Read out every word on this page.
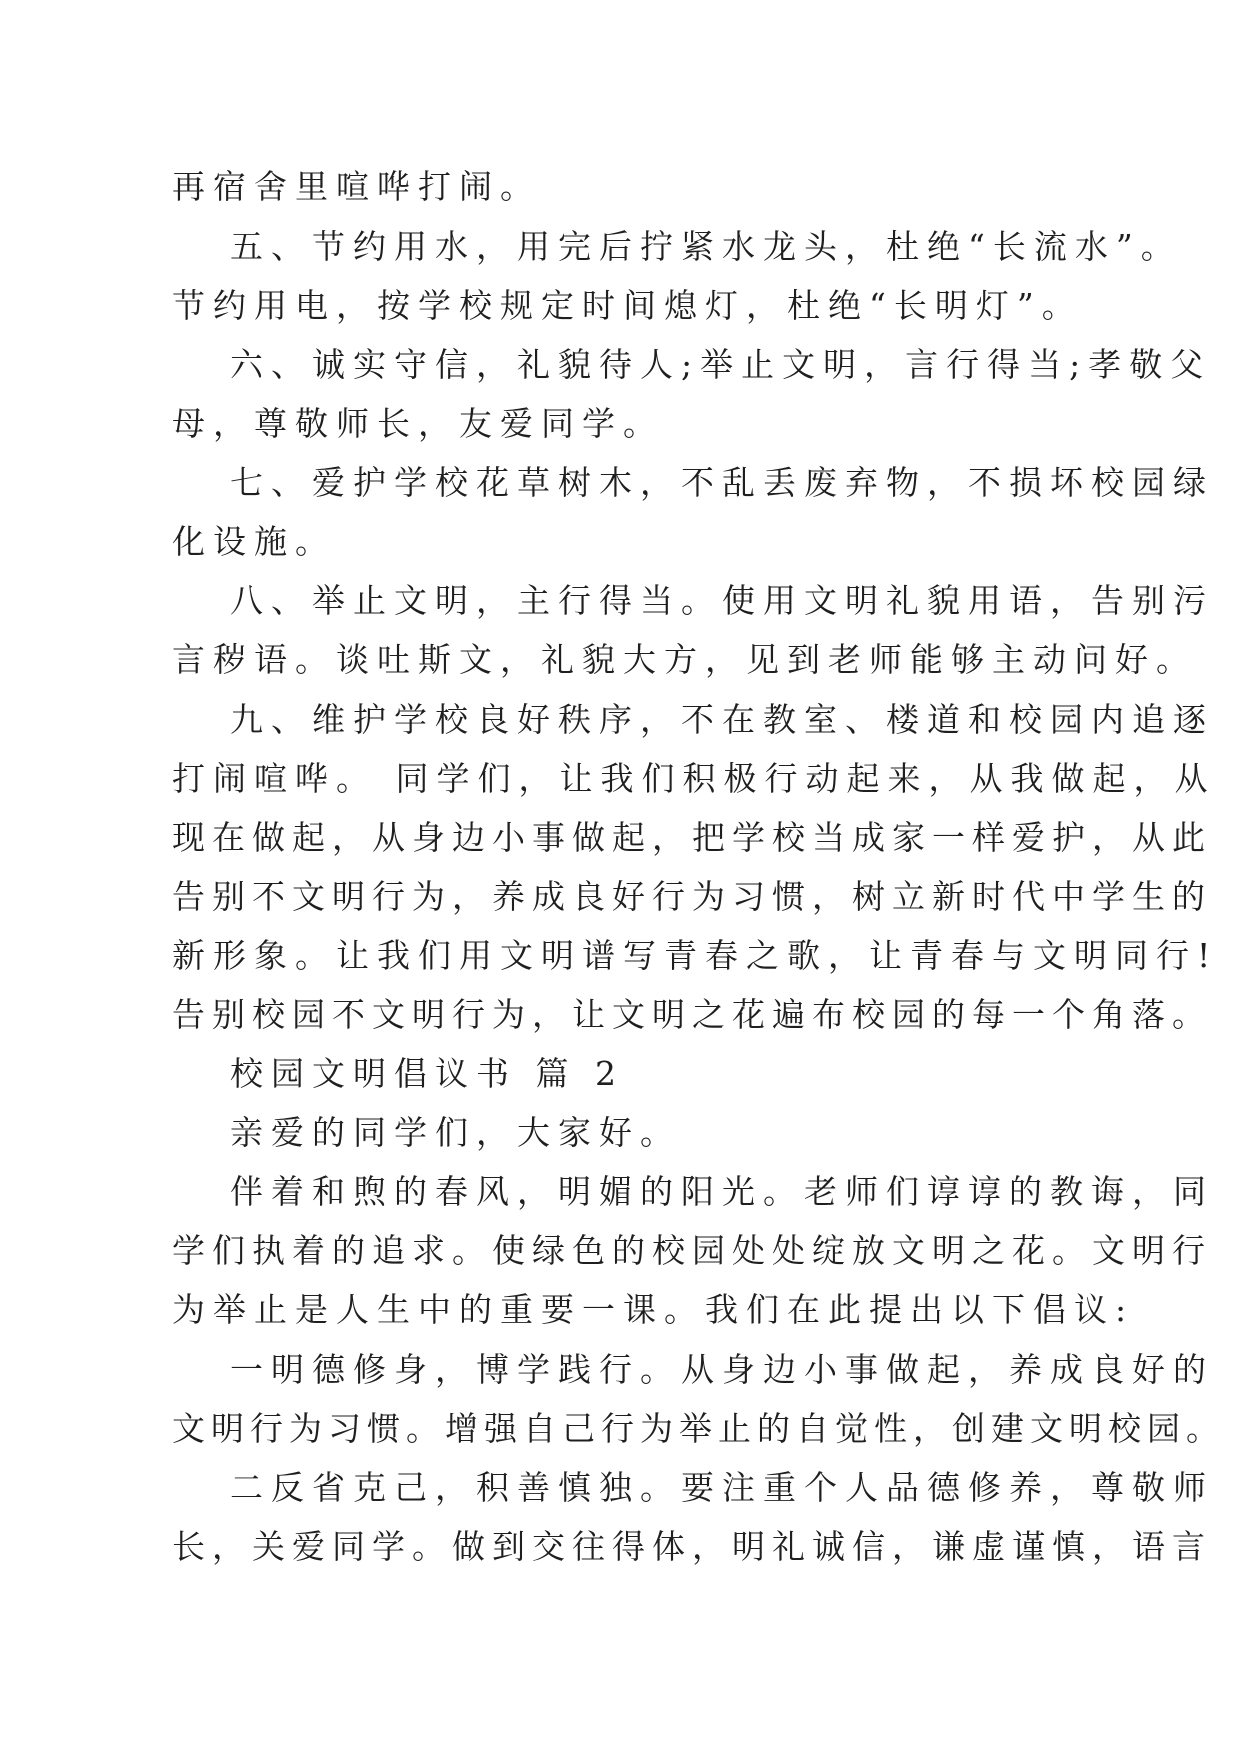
再宿舍里喧哗打闹。
五、节约用水，用完后拧紧水龙头，杜绝“长流水”。
节约用电，按学校规定时间熄灯，杜绝“长明灯”。
六、诚实守信，礼貌待人;举止文明，言行得当;孝敬父
母，尊敬师长，友爱同学。
七、爱护学校花草树木，不乱丢废弃物，不损坏校园绿
化设施。
八、举止文明，主行得当。使用文明礼貌用语，告别污
言秽语。谈吐斯文，礼貌大方，见到老师能够主动问好。
九、维护学校良好秩序，不在教室、楼道和校园内追逐
打闹喧哗。 同学们，让我们积极行动起来，从我做起，从
现在做起，从身边小事做起，把学校当成家一样爱护，从此
告别不文明行为，养成良好行为习惯，树立新时代中学生的
新形象。让我们用文明谱写青春之歌，让青春与文明同行!
告别校园不文明行为，让文明之花遍布校园的每一个角落。
校园文明倡议书 篇 2
亲爱的同学们，大家好。
伴着和煦的春风，明媚的阳光。老师们谆谆的教诲，同
学们执着的追求。使绿色的校园处处绽放文明之花。文明行
为举止是人生中的重要一课。我们在此提出以下倡议:
一明德修身，博学践行。从身边小事做起，养成良好的
文明行为习惯。增强自己行为举止的自觉性，创建文明校园。
二反省克己，积善慎独。要注重个人品德修养，尊敬师
长，关爱同学。做到交往得体，明礼诚信，谦虚谨慎，语言
